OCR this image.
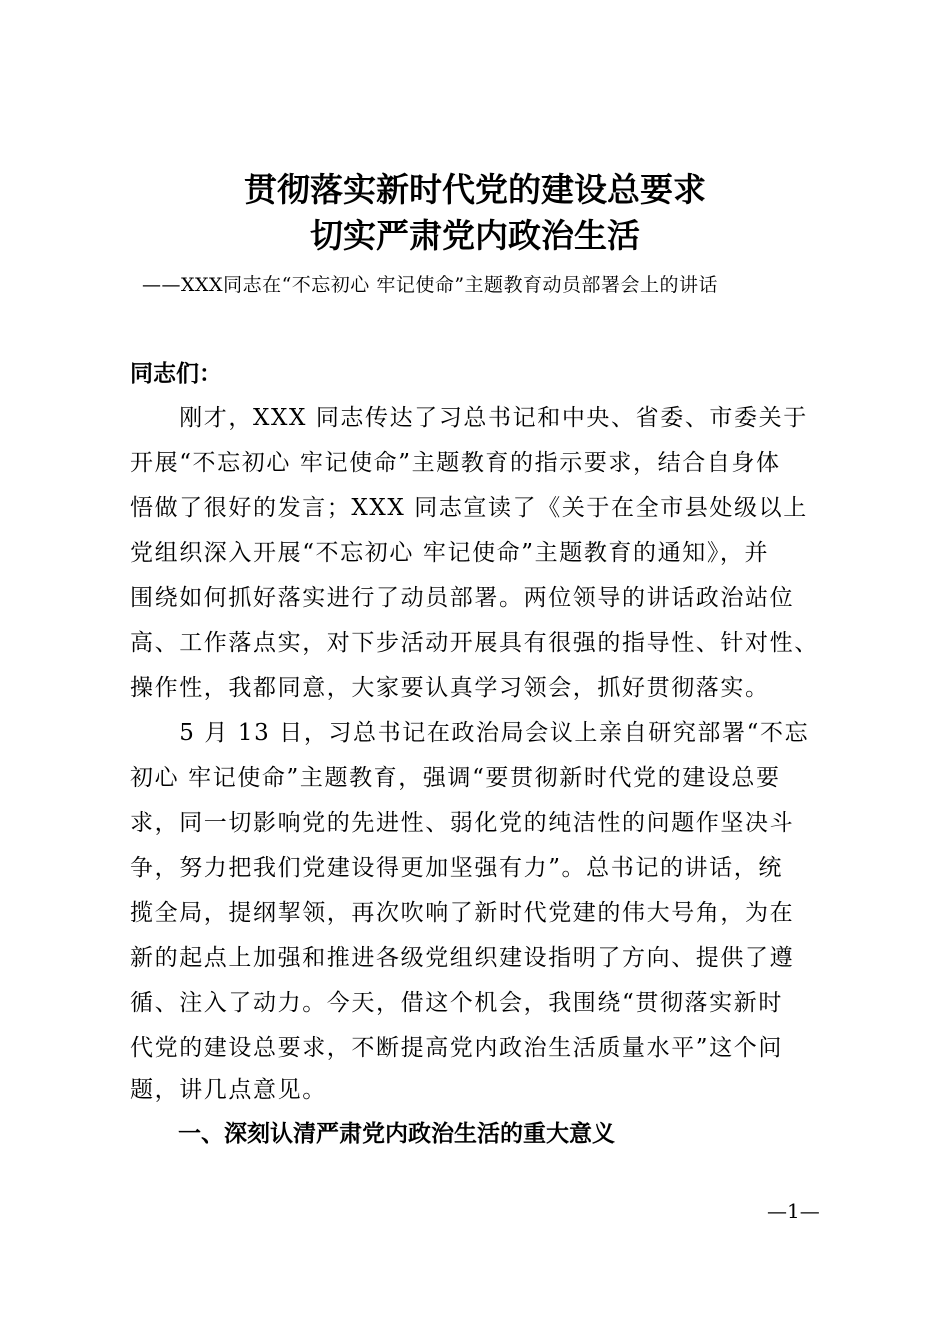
贯彻落实新时代党的建设总要求
切实严肃党内政治生活
——XXX同志在“不忘初心 牢记使命”主题教育动员部署会上的讲话
同志们：
　　刚才，XXX 同志传达了习总书记和中央、省委、市委关于
开展“不忘初心 牢记使命”主题教育的指示要求，结合自身体
悟做了很好的发言；XXX 同志宣读了《关于在全市县处级以上
党组织深入开展“不忘初心 牢记使命”主题教育的通知》，并
围绕如何抓好落实进行了动员部署。两位领导的讲话政治站位
高、工作落点实，对下步活动开展具有很强的指导性、针对性、
操作性，我都同意，大家要认真学习领会，抓好贯彻落实。
　　5 月 13 日，习总书记在政治局会议上亲自研究部署“不忘
初心 牢记使命”主题教育，强调“要贯彻新时代党的建设总要
求，同一切影响党的先进性、弱化党的纯洁性的问题作坚决斗
争，努力把我们党建设得更加坚强有力”。总书记的讲话，统
揽全局，提纲挈领，再次吹响了新时代党建的伟大号角，为在
新的起点上加强和推进各级党组织建设指明了方向、提供了遵
循、注入了动力。今天，借这个机会，我围绕“贯彻落实新时
代党的建设总要求，不断提高党内政治生活质量水平”这个问
题，讲几点意见。
一、深刻认清严肃党内政治生活的重大意义
—1—
